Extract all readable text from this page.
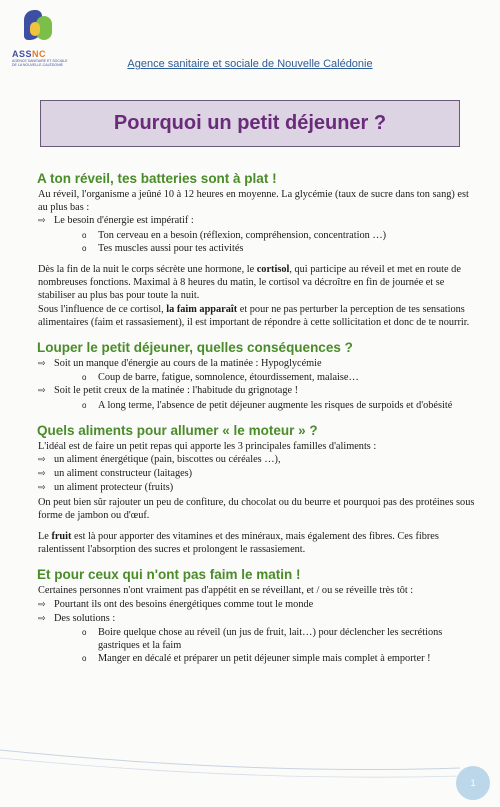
ASSNC
AGENCE SANITAIRE ET SOCIALE DE LA NOUVELLE-CALÉDONIE	Agence sanitaire et sociale de Nouvelle Calédonie
Pourquoi un petit déjeuner ?
A ton réveil, tes batteries sont à plat !

Au réveil, l'organisme a jeûné 10 à 12 heures en moyenne. La glycémie (taux de sucre dans ton sang) est au plus bas :

⇨ Le besoin d'énergie est impératif :

o Ton cerveau en a besoin (réflexion, compréhension, concentration …)

o Tes muscles aussi pour tes activités

Dès la fin de la nuit le corps sécrète une hormone, le cortisol, qui participe au réveil et met en route de nombreuses fonctions. Maximal à 8 heures du matin, le cortisol va décroître en fin de journée et se stabiliser au plus bas pour toute la nuit.

Sous l'influence de ce cortisol, la faim apparaît et pour ne pas perturber la perception de tes sensations alimentaires (faim et rassasiement), il est important de répondre à cette sollicitation et donc de te nourrir.

Louper le petit déjeuner, quelles conséquences ?

⇨ Soit un manque d'énergie au cours de la matinée : Hypoglycémie

o Coup de barre, fatigue, somnolence, étourdissement, malaise…

⇨ Soit le petit creux de la matinée : l'habitude du grignotage !

o A long terme, l'absence de petit déjeuner augmente les risques de surpoids et d'obésité

Quels aliments pour allumer « le moteur » ?

L'idéal est de faire un petit repas qui apporte les 3 principales familles d'aliments :

⇨ un aliment énergétique (pain, biscottes ou céréales …),

⇨ un aliment constructeur (laitages)

⇨ un aliment protecteur (fruits)

On peut bien sûr rajouter un peu de confiture, du chocolat ou du beurre et pourquoi pas des protéines sous forme de jambon ou d'œuf.

Le fruit est là pour apporter des vitamines et des minéraux, mais également des fibres. Ces fibres ralentissent l'absorption des sucres et prolongent le rassasiement.

Et pour ceux qui n'ont pas faim le matin !

Certaines personnes n'ont vraiment pas d'appétit en se réveillant, et / ou se réveille très tôt :

⇨ Pourtant ils ont des besoins énergétiques comme tout le monde

⇨ Des solutions :

o Boire quelque chose au réveil (un jus de fruit, lait…) pour déclencher les secrétions gastriques et la faim

o Manger en décalé et préparer un petit déjeuner simple mais complet à emporter !

1
